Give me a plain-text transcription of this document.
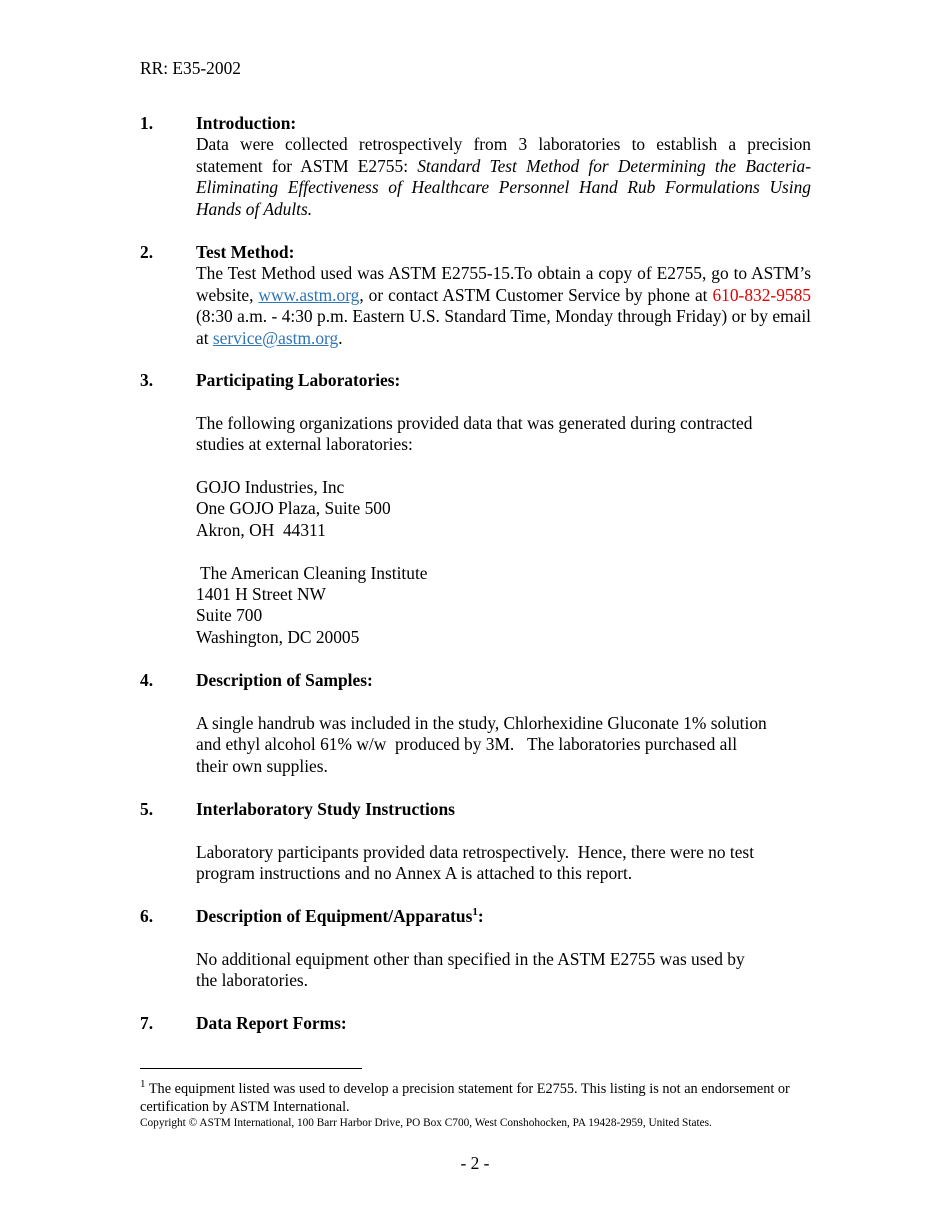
RR: E35-2002
1. Introduction:
Data were collected retrospectively from 3 laboratories to establish a precision statement for ASTM E2755: Standard Test Method for Determining the Bacteria-Eliminating Effectiveness of Healthcare Personnel Hand Rub Formulations Using Hands of Adults.
2. Test Method:
The Test Method used was ASTM E2755-15.To obtain a copy of E2755, go to ASTM’s website, www.astm.org, or contact ASTM Customer Service by phone at 610-832-9585 (8:30 a.m. - 4:30 p.m. Eastern U.S. Standard Time, Monday through Friday) or by email at service@astm.org.
3. Participating Laboratories:
The following organizations provided data that was generated during contracted
studies at external laboratories:
GOJO Industries, Inc
One GOJO Plaza, Suite 500
Akron, OH  44311
The American Cleaning Institute
1401 H Street NW
Suite 700
Washington, DC 20005
4. Description of Samples:
A single handrub was included in the study, Chlorhexidine Gluconate 1% solution
and ethyl alcohol 61% w/w  produced by 3M.   The laboratories purchased all
their own supplies.
5. Interlaboratory Study Instructions
Laboratory participants provided data retrospectively.  Hence, there were no test
program instructions and no Annex A is attached to this report.
6. Description of Equipment/Apparatus$^1$:
No additional equipment other than specified in the ASTM E2755 was used by
the laboratories.
7. Data Report Forms:
$^1$ The equipment listed was used to develop a precision statement for E2755. This listing is not an endorsement or certification by ASTM International.
Copyright © ASTM International, 100 Barr Harbor Drive, PO Box C700, West Conshohocken, PA 19428-2959, United States.
- 2 -
